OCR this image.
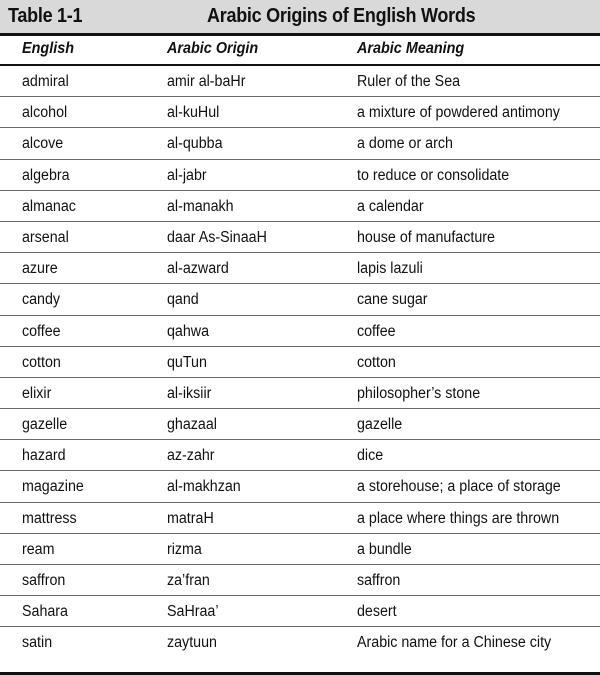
Table 1-1	Arabic Origins of English Words
English	Arabic Origin	Arabic Meaning
admiral	amir al-baHr	Ruler of the Sea
alcohol	al-kuHul	a mixture of powdered antimony
alcove	al-qubba	a dome or arch
algebra	al-jabr	to reduce or consolidate
almanac	al-manakh	a calendar
arsenal	daar As-SinaaH	house of manufacture
azure	al-azward	lapis lazuli
candy	qand	cane sugar
coffee	qahwa	coffee
cotton	quTun	cotton
elixir	al-iksiir	philosopher’s stone
gazelle	ghazaal	gazelle
hazard	az-zahr	dice
magazine	al-makhzan	a storehouse; a place of storage
mattress	matraH	a place where things are thrown
ream	rizma	a bundle
saffron	za’fran	saffron
Sahara	SaHraa’	desert
satin	zaytuun	Arabic name for a Chinese city
